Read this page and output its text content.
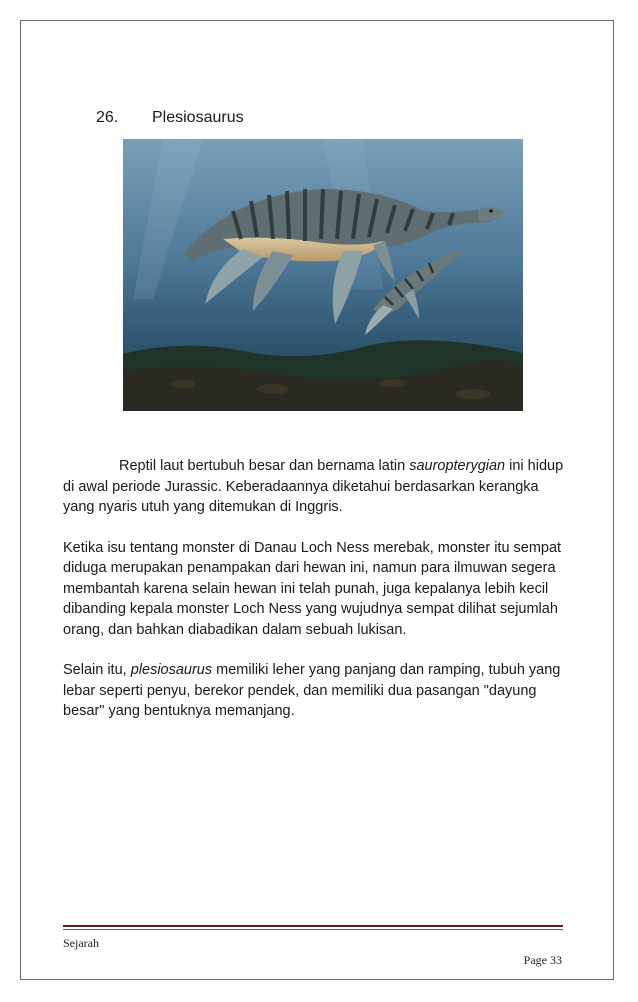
26. Plesiosaurus

Reptil laut bertubuh besar dan bernama latin sauropterygian ini hidup di awal periode Jurassic. Keberadaannya diketahui berdasarkan kerangka yang nyaris utuh yang ditemukan di Inggris.

Ketika isu tentang monster di Danau Loch Ness merebak, monster itu sempat diduga merupakan penampakan dari hewan ini, namun para ilmuwan segera membantah karena selain hewan ini telah punah, juga kepalanya lebih kecil dibanding kepala monster Loch Ness yang wujudnya sempat dilihat sejumlah orang, dan bahkan diabadikan dalam sebuah lukisan.

Selain itu, plesiosaurus memiliki leher yang panjang dan ramping, tubuh yang lebar seperti penyu, berekor pendek, dan memiliki dua pasangan "dayung besar" yang bentuknya memanjang.

Sejarah
Page 33
